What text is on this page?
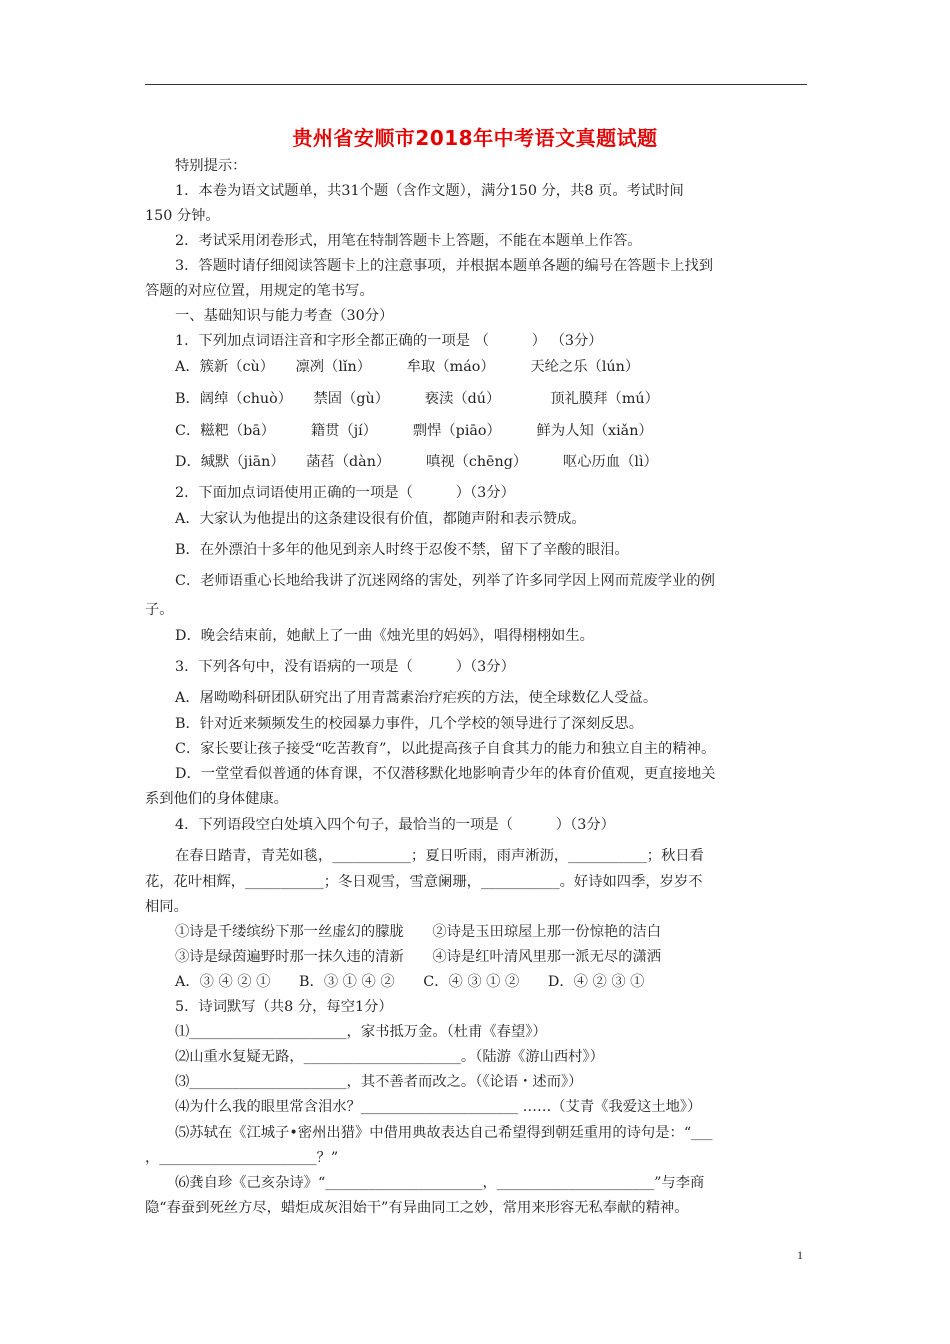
贵州省安顺市2018年中考语文真题试题
特别提示：
1．本卷为语文试题单，共31个题（含作文题），满分150 分，共8 页。考试时间
150 分钟。
2．考试采用闭卷形式，用笔在特制答题卡上答题，不能在本题单上作答。
3．答题时请仔细阅读答题卡上的注意事项，并根据本题单各题的编号在答题卡上找到
答题的对应位置，用规定的笔书写。
一、基础知识与能力考查（30分）
1．下列加点词语注音和字形全都正确的一项是 （　　　） （3分）
A．簇新（cù）　　凛冽（lǐn）　　　牟取（máo）　　　天纶之乐（lún）
B．阔绰（chuò）　　禁固（gù）　　　亵渎（dú）　　　　顶礼膜拜（mú）
C．糍粑（bā）　　　籍贯（jí）　　　剽悍（piāo）　　　鲜为人知（xiǎn）
D．缄默（jiān）　　菡萏（dàn）　　　嗔视（chēng）　　　呕心历血（lì）
2．下面加点词语使用正确的一项是（　　　）（3分）
A．大家认为他提出的这条建设很有价值，都随声附和表示赞成。
B．在外漂泊十多年的他见到亲人时终于忍俊不禁，留下了辛酸的眼泪。
C．老师语重心长地给我讲了沉迷网络的害处，列举了许多同学因上网而荒废学业的例
子。
D．晚会结束前，她献上了一曲《烛光里的妈妈》，唱得栩栩如生。
3．下列各句中，没有语病的一项是（　　　）（3分）
A．屠呦呦科研团队研究出了用青蒿素治疗疟疾的方法，使全球数亿人受益。
B．针对近来频频发生的校园暴力事件，几个学校的领导进行了深刻反思。
C．家长要让孩子接受“吃苦教育”，以此提高孩子自食其力的能力和独立自主的精神。
D．一堂堂看似普通的体育课，不仅潜移默化地影响青少年的体育价值观，更直接地关
系到他们的身体健康。
4．下列语段空白处填入四个句子，最恰当的一项是（　　　）（3分）
在春日踏青，青芜如毯，___________；夏日听雨，雨声淅沥，___________；秋日看
花，花叶相辉，___________；冬日观雪，雪意阑珊，___________。好诗如四季，岁岁不
相同。
①诗是千缕缤纷下那一丝虚幻的朦胧　　②诗是玉田琼屋上那一份惊艳的洁白
③诗是绿茵遍野时那一抹久违的清新　　④诗是红叶清风里那一派无尽的潇洒
A．③ ④ ② ①　　B．③ ① ④ ②　　C．④ ③ ① ②　　D．④ ② ③ ①
5．诗词默写（共8 分，每空1分）
⑴______________________，家书抵万金。（杜甫《春望》）
⑵山重水复疑无路，______________________。（陆游《游山西村》）
⑶______________________，其不善者而改之。（《论语・述而》）
⑷为什么我的眼里常含泪水？______________________ ……（艾青《我爱这土地》）
⑸苏轼在《江城子•密州出猎》中借用典故表达自己希望得到朝廷重用的诗句是：“___
，______________________？”
⑹龚自珍《己亥杂诗》“______________________，______________________”与李商
隐“春蚕到死丝方尽，蜡炬成灰泪始干”有异曲同工之妙，常用来形容无私奉献的精神。
1
